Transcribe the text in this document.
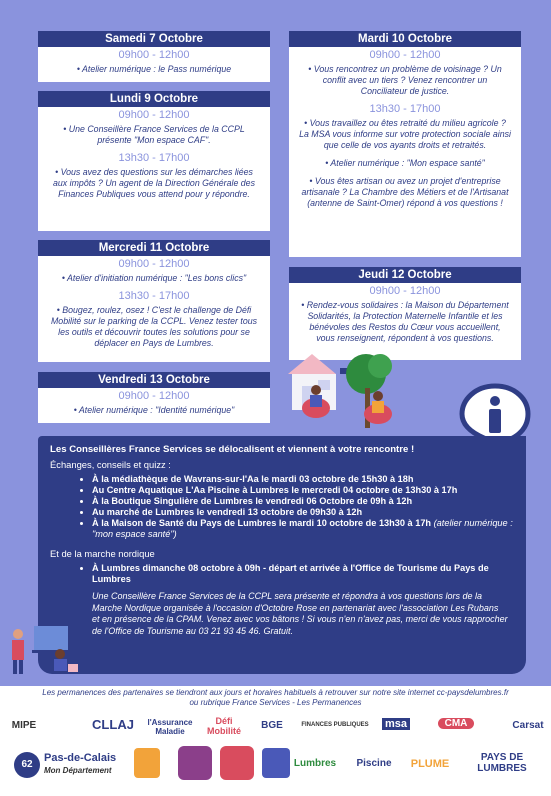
Samedi 7 Octobre
09h00 - 12h00
• Atelier numérique : le Pass numérique
Lundi 9 Octobre
09h00 - 12h00
• Une Conseillère France Services de la CCPL présente "Mon espace CAF".
13h30 - 17h00
• Vous avez des questions sur les démarches liées aux impôts ? Un agent de la Direction Générale des Finances Publiques vous attend pour y répondre.
Mercredi 11 Octobre
09h00 - 12h00
• Atelier d'initiation numérique : "Les bons clics"
13h30 - 17h00
• Bougez, roulez, osez ! C'est le challenge de Défi Mobilité sur le parking de la CCPL. Venez tester tous les outils et découvrir toutes les solutions pour se déplacer en Pays de Lumbres.
Vendredi 13 Octobre
09h00 - 12h00
• Atelier numérique : "Identité numérique"
Mardi 10 Octobre
09h00 - 12h00
• Vous rencontrez un problème de voisinage ? Un conflit avec un tiers ? Venez rencontrer un Conciliateur de justice.
13h30 - 17h00
• Vous travaillez ou êtes retraité du milieu agricole ? La MSA vous informe sur votre protection sociale ainsi que celle de vos ayants droits et retraités.
• Atelier numérique : "Mon espace santé"
• Vous êtes artisan ou avez un projet d'entreprise artisanale ? La Chambre des Métiers et de l'Artisanat (antenne de Saint-Omer) répond à vos questions !
Jeudi 12 Octobre
09h00 - 12h00
• Rendez-vous solidaires : la Maison du Département Solidarités, la Protection Maternelle Infantile et les bénévoles des Restos du Cœur vous accueillent, vous renseignent, répondent à vos questions.
Les Conseillères France Services se délocalisent et viennent à votre rencontre !
Échanges, conseils et quizz :
• À la médiathèque de Wavrans-sur-l'Aa le mardi 03 octobre de 15h30 à 18h
• Au Centre Aquatique L'Aa Piscine à Lumbres le mercredi 04 octobre de 13h30 à 17h
• À la Boutique Singulière de Lumbres le vendredi 06 Octobre de 09h à 12h
• Au marché de Lumbres le vendredi 13 octobre de 09h30 à 12h
• À la Maison de Santé du Pays de Lumbres le mardi 10 octobre de 13h30 à 17h (atelier numérique : "mon espace santé")
Et de la marche nordique
• À Lumbres dimanche 08 octobre à 09h - départ et arrivée à l'Office de Tourisme du Pays de Lumbres
Une Conseillère France Services de la CCPL sera présente et répondra à vos questions lors de la Marche Nordique organisée à l'occasion d'Octobre Rose en partenariat avec l'association Les Rubans et en présence de la CPAM. Venez avec vos bâtons ! Si vous n'en n'avez pas, merci de vous rapprocher de l'Office de Tourisme au 03 21 93 45 46. Gratuit.
Les permanences des partenaires se tiendront aux jours et horaires habituels à retrouver sur notre site internet cc-paysdelumbres.fr
ou rubrique France Services - Les Permanences
MIPE	CLLAJ	l'Assurance Maladie
Défi Mobilité	BGE	FINANCES PUBLIQUES msa	CMA	Carsat
62
Pas-de-Calais
Mon Département
Lumbres	Piscine	PLUME
PAYS DE LUMBRES
